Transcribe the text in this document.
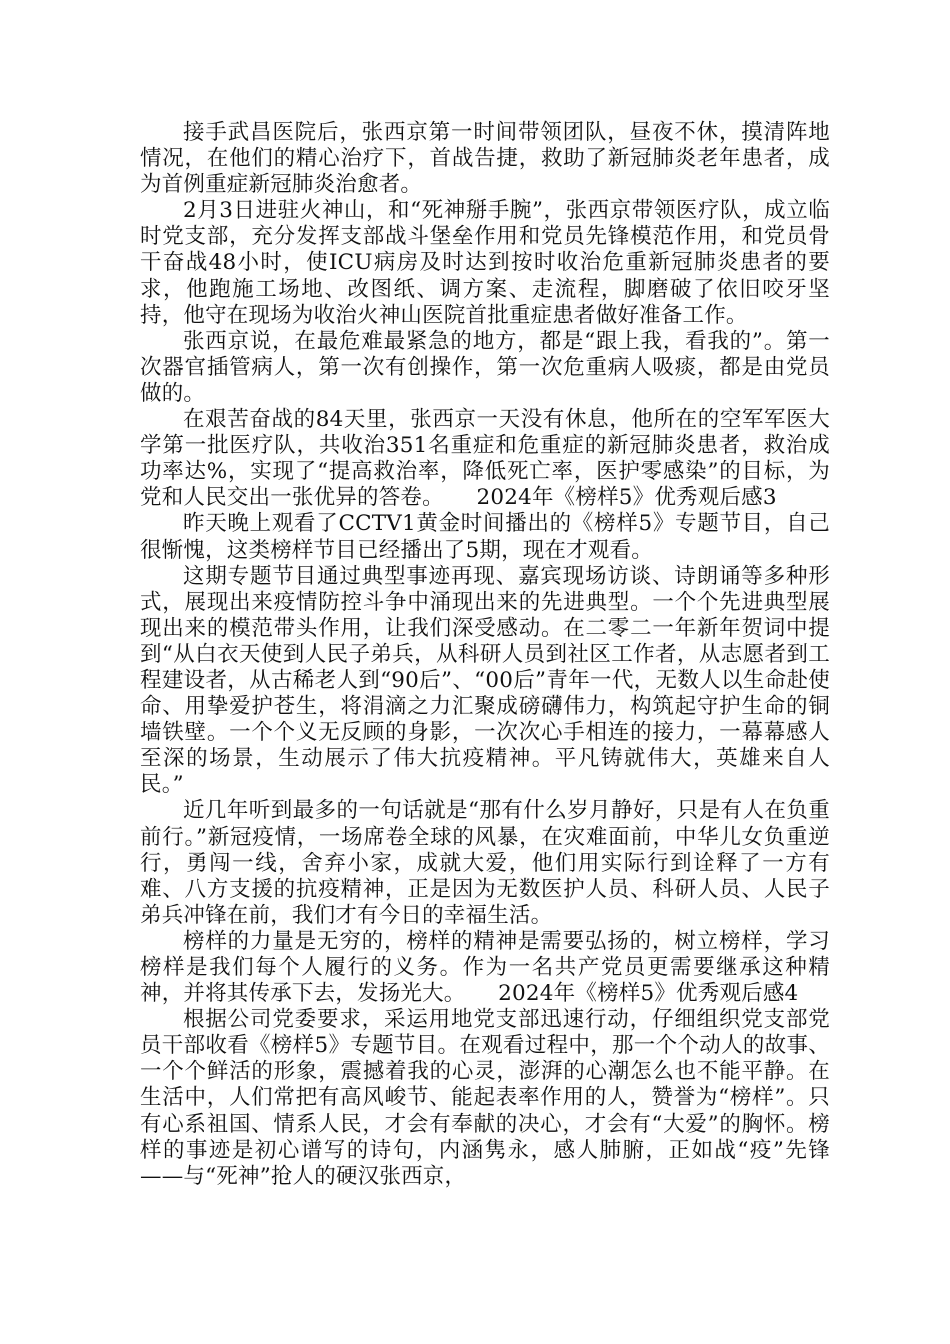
接手武昌医院后，张西京第一时间带领团队，昼夜不休，摸清阵地情况，在他们的精心治疗下，首战告捷，救助了新冠肺炎老年患者，成为首例重症新冠肺炎治愈者。

2月3日进驻火神山，和“死神掰手腕”，张西京带领医疗队，成立临时党支部，充分发挥支部战斗堡垒作用和党员先锋模范作用，和党员骨干奋战48小时，使ICU病房及时达到按时收治危重新冠肺炎患者的要求，他跑施工场地、改图纸、调方案、走流程，脚磨破了依旧咬牙坚持，他守在现场为收治火神山医院首批重症患者做好准备工作。

张西京说，在最危难最紧急的地方，都是“跟上我，看我的”。第一次器官插管病人，第一次有创操作，第一次危重病人吸痰，都是由党员做的。

在艰苦奋战的84天里，张西京一天没有休息，他所在的空军军医大学第一批医疗队，共收治351名重症和危重症的新冠肺炎患者，救治成功率达%，实现了“提高救治率，降低死亡率，医护零感染”的目标，为党和人民交出一张优异的答卷。　　2024年《榜样5》优秀观后感3

昨天晚上观看了CCTV1黄金时间播出的《榜样5》专题节目，自己很惭愧，这类榜样节目已经播出了5期，现在才观看。

这期专题节目通过典型事迹再现、嘉宾现场访谈、诗朗诵等多种形式，展现出来疫情防控斗争中涌现出来的先进典型。一个个先进典型展现出来的模范带头作用，让我们深受感动。在二零二一年新年贺词中提到“从白衣天使到人民子弟兵，从科研人员到社区工作者，从志愿者到工程建设者，从古稀老人到“90后”、“00后”青年一代，无数人以生命赴使命、用挚爱护苍生，将涓滴之力汇聚成磅礴伟力，构筑起守护生命的铜墙铁壁。一个个义无反顾的身影，一次次心手相连的接力，一幕幕感人至深的场景，生动展示了伟大抗疫精神。平凡铸就伟大，英雄来自人民。”

近几年听到最多的一句话就是“那有什么岁月静好，只是有人在负重前行。”新冠疫情，一场席卷全球的风暴，在灾难面前，中华儿女负重逆行，勇闯一线，舍弃小家，成就大爱，他们用实际行到诠释了一方有难、八方支援的抗疫精神，正是因为无数医护人员、科研人员、人民子弟兵冲锋在前，我们才有今日的幸福生活。

榜样的力量是无穷的，榜样的精神是需要弘扬的，树立榜样，学习榜样是我们每个人履行的义务。作为一名共产党员更需要继承这种精神，并将其传承下去，发扬光大。　　2024年《榜样5》优秀观后感4

根据公司党委要求，采运用地党支部迅速行动，仔细组织党支部党员干部收看《榜样5》专题节目。在观看过程中，那一个个动人的故事、一个个鲜活的形象，震撼着我的心灵，澎湃的心潮怎么也不能平静。在生活中，人们常把有高风峻节、能起表率作用的人，赞誉为“榜样”。只有心系祖国、情系人民，才会有奉献的决心，才会有“大爱”的胸怀。榜样的事迹是初心谱写的诗句，内涵隽永，感人肺腑，正如战“疫”先锋——与“死神”抢人的硬汉张西京，
